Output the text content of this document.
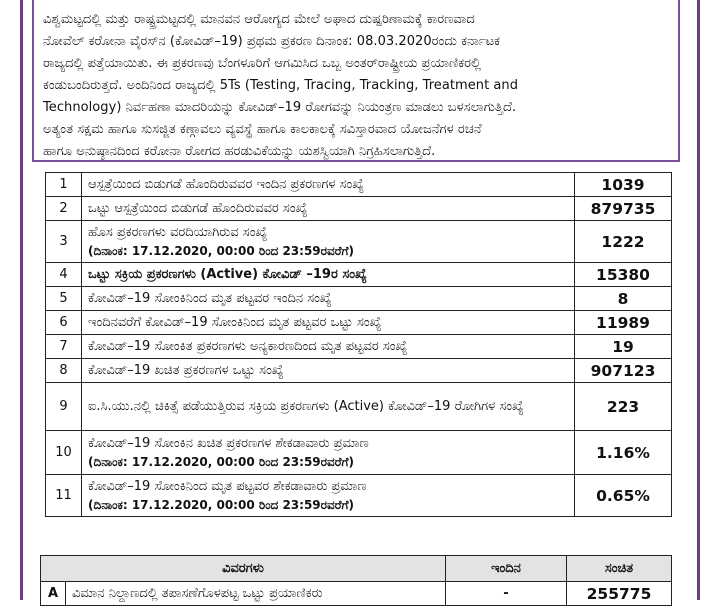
ವಿಶ್ವಮಟ್ಟದಲ್ಲಿ ಮತ್ತು ರಾಷ್ಟ್ರಮಟ್ಟದಲ್ಲಿ ಮಾನವನ ಆರೋಗ್ಯದ ಮೇಲೆ ಅಘಾದ ದುಷ್ಪರಿಣಾಮಕ್ಕೆ ಕಾರಣವಾದ
ನೋವೆಲ್ ಕರೋನಾ ವೈರಸ್‌ನ (ಕೋವಿಡ್–19) ಪ್ರಥಮ ಪ್ರಕರಣ ದಿನಾಂಕ: 08.03.2020ರಂದು ಕರ್ನಾಟಕ
ರಾಜ್ಯದಲ್ಲಿ ಪತ್ತೆಯಾಯಿತು. ಈ ಪ್ರಕರಣವು ಬೆಂಗಳೂರಿಗೆ ಆಗಮಿಸಿದ ಒಬ್ಬ ಅಂತರ್‌ರಾಷ್ಟ್ರೀಯ ಪ್ರಯಾಣಿಕರಲ್ಲಿ
ಕಂಡುಬಂದಿರುತ್ತದೆ. ಅಂದಿನಿಂದ ರಾಜ್ಯದಲ್ಲಿ 5Ts (Testing, Tracing, Tracking, Treatment and
Technology) ನಿರ್ವಹಣಾ ಮಾದರಿಯನ್ನು ಕೋವಿಡ್–19 ರೋಗವನ್ನು ನಿಯಂತ್ರಣ ಮಾಡಲು ಬಳಸಲಾಗುತ್ತಿದೆ.
ಅತ್ಯಂತ ಸಕ್ಷಮ ಹಾಗೂ ಸುಸಜ್ಜಿತ ಕಣ್ಗಾವಲು ವ್ಯವಸ್ಥೆ ಹಾಗೂ ಕಾಲಕಾಲಕ್ಕೆ ಸವಿಸ್ತಾರವಾದ ಯೋಜನೆಗಳ ರಚನೆ
ಹಾಗೂ ಅನುಷ್ಠಾನದಿಂದ ಕರೋನಾ ರೋಗದ ಹರಡುವಿಕೆಯನ್ನು ಯಶಸ್ವಿಯಾಗಿ ನಿಗ್ರಹಿಸಲಾಗುತ್ತಿದೆ.

1	ಆಸ್ಪತ್ರೆಯಿಂದ ಬಿಡುಗಡೆ ಹೊಂದಿರುವವರ ಇಂದಿನ ಪ್ರಕರಣಗಳ ಸಂಖ್ಯೆ	1039
2	ಒಟ್ಟು ಆಸ್ಪತ್ರೆಯಿಂದ ಬಿಡುಗಡೆ ಹೊಂದಿರುವವರ ಸಂಖ್ಯೆ	879735
3	ಹೊಸ ಪ್ರಕರಣಗಳು ವರದಿಯಾಗಿರುವ ಸಂಖ್ಯೆ
(ದಿನಾಂಕ: 17.12.2020, 00:00 ರಿಂದ 23:59ರವರೆಗೆ)	1222
4	ಒಟ್ಟು ಸಕ್ರಿಯ ಪ್ರಕರಣಗಳು (Active) ಕೋವಿಡ್ –19ರ ಸಂಖ್ಯೆ	15380
5	ಕೋವಿಡ್–19 ಸೋಂಕಿನಿಂದ ಮೃತ ಪಟ್ಟವರ ಇಂದಿನ ಸಂಖ್ಯೆ	8
6	ಇಂದಿನವರೆಗೆ ಕೋವಿಡ್–19 ಸೋಂಕಿನಿಂದ ಮೃತ ಪಟ್ಟವರ ಒಟ್ಟು ಸಂಖ್ಯೆ	11989
7	ಕೋವಿಡ್–19 ಸೋಂಕಿತ ಪ್ರಕರಣಗಳು ಅನ್ಯಕಾರಣದಿಂದ ಮೃತ ಪಟ್ಟವರ ಸಂಖ್ಯೆ	19
8	ಕೋವಿಡ್–19 ಖಚಿತ ಪ್ರಕರಣಗಳ ಒಟ್ಟು ಸಂಖ್ಯೆ	907123
9	ಐ.ಸಿ.ಯು.ನಲ್ಲಿ ಚಿಕಿತ್ಸೆ ಪಡೆಯುತ್ತಿರುವ ಸಕ್ರಿಯ ಪ್ರಕರಣಗಳು (Active) ಕೋವಿಡ್–19 ರೋಗಿಗಳ ಸಂಖ್ಯೆ	223
10	ಕೋವಿಡ್–19 ಸೋಂಕಿನ ಖಚಿತ ಪ್ರಕರಣಗಳ ಶೇಕಡಾವಾರು ಪ್ರಮಾಣ
(ದಿನಾಂಕ: 17.12.2020, 00:00 ರಿಂದ 23:59ರವರೆಗೆ)	1.16%
11	ಕೋವಿಡ್–19 ಸೋಂಕಿನಿಂದ ಮೃತ ಪಟ್ಟವರ ಶೇಕಡಾವಾರು ಪ್ರಮಾಣ
(ದಿನಾಂಕ: 17.12.2020, 00:00 ರಿಂದ 23:59ರವರೆಗೆ)	0.65%
ವಿವರಗಳು		ಇಂದಿನ	ಸಂಚಿತ
A	ವಿಮಾನ ನಿಲ್ದಾಣದಲ್ಲಿ ತಪಾಸಣೆಗೊಳಪಟ್ಟ ಒಟ್ಟು ಪ್ರಯಾಣಿಕರು	-	255775
